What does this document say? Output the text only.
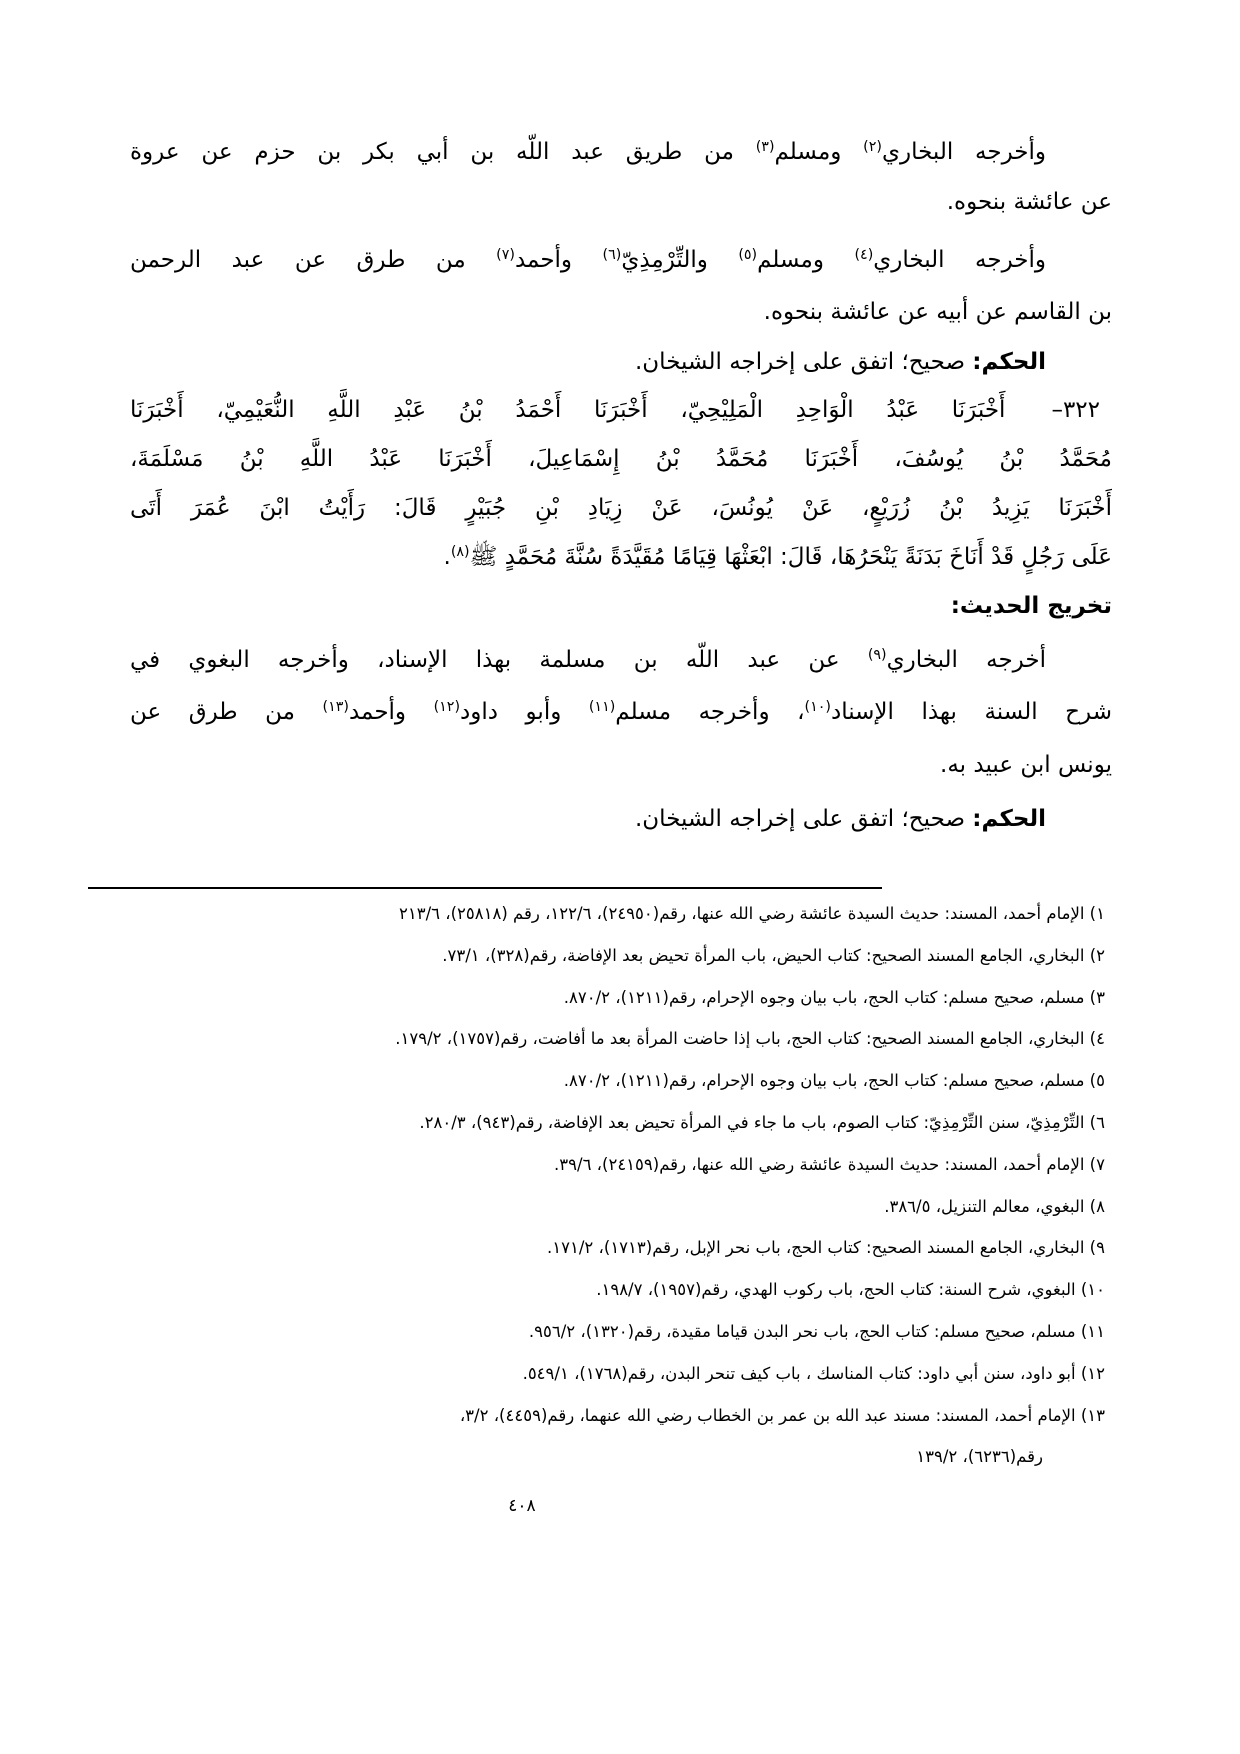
وأخرجه البخاري$^{(٢)}$ ومسلم$^{(٣)}$ من طريق عبد اللّه بن أبي بكر بن حزم عن عروة
عن عائشة بنحوه.
وأخرجه البخاري$^{(٤)}$ ومسلم$^{(٥)}$ والتِّرْمِذِيّ$^{(٦)}$ وأحمد$^{(٧)}$ من طرق عن عبد الرحمن
بن القاسم عن أبيه عن عائشة بنحوه.
الحكم: صحيح؛ اتفق على إخراجه الشيخان.
٣٢٢–أَخْبَرَنَا عَبْدُ الْوَاحِدِ الْمَلِيْحِيّ، أَخْبَرَنَا أَحْمَدُ بْنُ عَبْدِ اللَّهِ النُّعَيْمِيّ، أَخْبَرَنَا
مُحَمَّدُ بْنُ يُوسُفَ، أَخْبَرَنَا مُحَمَّدُ بْنُ إِسْمَاعِيلَ، أَخْبَرَنَا عَبْدُ اللَّهِ بْنُ مَسْلَمَةَ،
أَخْبَرَنَا يَزِيدُ بْنُ زُرَيْعٍ، عَنْ يُونُسَ، عَنْ زِيَادِ بْنِ جُبَيْرٍ قَالَ: رَأَيْتُ ابْنَ عُمَرَ أَتَى
عَلَى رَجُلٍ قَدْ أَنَاخَ بَدَنَةً يَنْحَرُهَا، قَالَ: ابْعَثْهَا قِيَامًا مُقَيَّدَةً سُنَّةَ مُحَمَّدٍ ﷺ$^{(٨)}$.
تخريج الحديث:
أخرجه البخاري$^{(٩)}$ عن عبد اللّه بن مسلمة بهذا الإسناد، وأخرجه البغوي في
شرح السنة بهذا الإسناد$^{(١٠)}$، وأخرجه مسلم$^{(١١)}$ وأبو داود$^{(١٢)}$ وأحمد$^{(١٣)}$ من طرق عن
يونس ابن عبيد به.
الحكم: صحيح؛ اتفق على إخراجه الشيخان.
١) الإمام أحمد، المسند: حديث السيدة عائشة رضي الله عنها، رقم(٢٤٩٥٠)، ١٢٢/٦، رقم (٢٥٨١٨)، ٢١٣/٦
٢) البخاري، الجامع المسند الصحيح: كتاب الحيض، باب المرأة تحيض بعد الإفاضة، رقم(٣٢٨)، ٧٣/١.
٣) مسلم، صحيح مسلم: كتاب الحج، باب بيان وجوه الإحرام، رقم(١٢١١)، ٨٧٠/٢.
٤) البخاري، الجامع المسند الصحيح: كتاب الحج، باب إذا حاضت المرأة بعد ما أفاضت، رقم(١٧٥٧)، ١٧٩/٢.
٥) مسلم، صحيح مسلم: كتاب الحج، باب بيان وجوه الإحرام، رقم(١٢١١)، ٨٧٠/٢.
٦) التِّرْمِذِيّ، سنن التِّرْمِذِيّ: كتاب الصوم، باب ما جاء في المرأة تحيض بعد الإفاضة، رقم(٩٤٣)، ٢٨٠/٣.
٧) الإمام أحمد، المسند: حديث السيدة عائشة رضي الله عنها، رقم(٢٤١٥٩)، ٣٩/٦.
٨) البغوي، معالم التنزيل، ٣٨٦/٥.
٩) البخاري، الجامع المسند الصحيح: كتاب الحج، باب نحر الإبل، رقم(١٧١٣)، ١٧١/٢.
١٠) البغوي، شرح السنة: كتاب الحج، باب ركوب الهدي، رقم(١٩٥٧)، ١٩٨/٧.
١١) مسلم، صحيح مسلم: كتاب الحج، باب نحر البدن قياما مقيدة، رقم(١٣٢٠)، ٩٥٦/٢.
١٢) أبو داود، سنن أبي داود: كتاب المناسك ، باب كيف تنحر البدن، رقم(١٧٦٨)، ٥٤٩/١.
١٣) الإمام أحمد، المسند: مسند عبد الله بن عمر بن الخطاب رضي الله عنهما، رقم(٤٤٥٩)، ٣/٢،
رقم(٦٢٣٦)، ١٣٩/٢
٤٠٨
